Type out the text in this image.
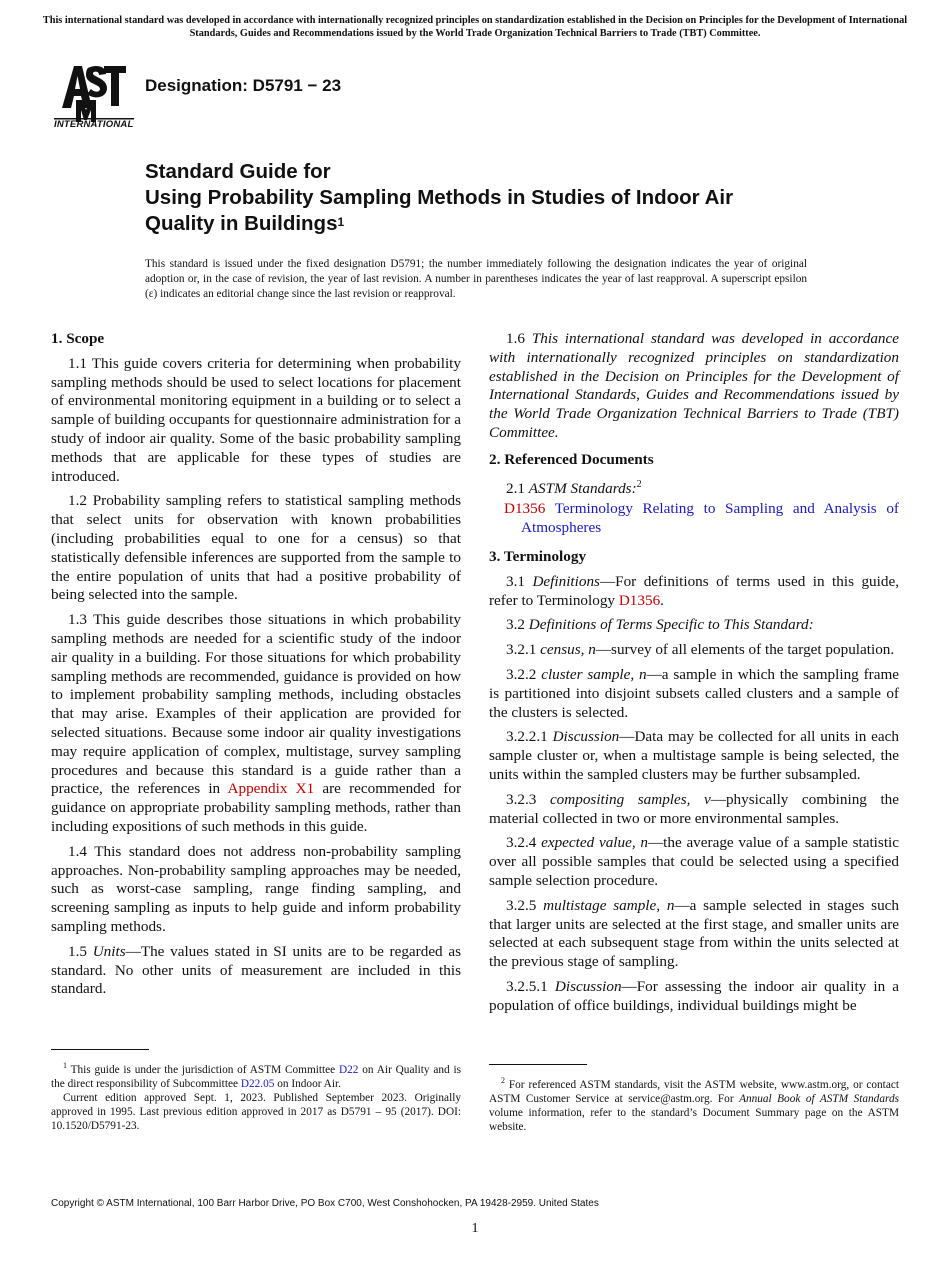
This international standard was developed in accordance with internationally recognized principles on standardization established in the Decision on Principles for the Development of International Standards, Guides and Recommendations issued by the World Trade Organization Technical Barriers to Trade (TBT) Committee.
INTERNATIONAL
Designation: D5791 − 23
Standard Guide for
Using Probability Sampling Methods in Studies of Indoor Air
Quality in Buildings$^1$
This standard is issued under the fixed designation D5791; the number immediately following the designation indicates the year of original adoption or, in the case of revision, the year of last revision. A number in parentheses indicates the year of last reapproval. A superscript epsilon (ε) indicates an editorial change since the last revision or reapproval.
1. Scope

1.1 This guide covers criteria for determining when probability sampling methods should be used to select locations for placement of environmental monitoring equipment in a building or to select a sample of building occupants for questionnaire administration for a study of indoor air quality. Some of the basic probability sampling methods that are applicable for these types of studies are introduced.

1.2 Probability sampling refers to statistical sampling methods that select units for observation with known probabilities (including probabilities equal to one for a census) so that statistically defensible inferences are supported from the sample to the entire population of units that had a positive probability of being selected into the sample.

1.3 This guide describes those situations in which probability sampling methods are needed for a scientific study of the indoor air quality in a building. For those situations for which probability sampling methods are recommended, guidance is provided on how to implement probability sampling methods, including obstacles that may arise. Examples of their application are provided for selected situations. Because some indoor air quality investigations may require application of complex, multistage, survey sampling procedures and because this standard is a guide rather than a practice, the references in Appendix X1 are recommended for guidance on appropriate probability sampling methods, rather than including expositions of such methods in this guide.

1.4 This standard does not address non-probability sampling approaches. Non-probability sampling approaches may be needed, such as worst-case sampling, range finding sampling, and screening sampling as inputs to help guide and inform probability sampling methods.

1.5 Units—The values stated in SI units are to be regarded as standard. No other units of measurement are included in this standard.

1.6 This international standard was developed in accordance with internationally recognized principles on standardization established in the Decision on Principles for the Development of International Standards, Guides and Recommendations issued by the World Trade Organization Technical Barriers to Trade (TBT) Committee.

2. Referenced Documents

2.1 ASTM Standards:$^2$

D1356 Terminology Relating to Sampling and Analysis of Atmospheres
3. Terminology

3.1 Definitions—For definitions of terms used in this guide, refer to Terminology D1356.

3.2 Definitions of Terms Specific to This Standard:

3.2.1 census, n—survey of all elements of the target population.

3.2.2 cluster sample, n—a sample in which the sampling frame is partitioned into disjoint subsets called clusters and a sample of the clusters is selected.

3.2.2.1 Discussion—Data may be collected for all units in each sample cluster or, when a multistage sample is being selected, the units within the sampled clusters may be further subsampled.

3.2.3 compositing samples, v—physically combining the material collected in two or more environmental samples.

3.2.4 expected value, n—the average value of a sample statistic over all possible samples that could be selected using a specified sample selection procedure.

3.2.5 multistage sample, n—a sample selected in stages such that larger units are selected at the first stage, and smaller units are selected at each subsequent stage from within the units selected at the previous stage of sampling.

3.2.5.1 Discussion—For assessing the indoor air quality in a population of office buildings, individual buildings might be

$^1$ This guide is under the jurisdiction of ASTM Committee D22 on Air Quality and is the direct responsibility of Subcommittee D22.05 on Indoor Air.

Current edition approved Sept. 1, 2023. Published September 2023. Originally approved in 1995. Last previous edition approved in 2017 as D5791 – 95 (2017). DOI: 10.1520/D5791-23.

$^2$ For referenced ASTM standards, visit the ASTM website, www.astm.org, or contact ASTM Customer Service at service@astm.org. For Annual Book of ASTM Standards volume information, refer to the standard’s Document Summary page on the ASTM website.

Copyright © ASTM International, 100 Barr Harbor Drive, PO Box C700, West Conshohocken, PA 19428-2959. United States
1
